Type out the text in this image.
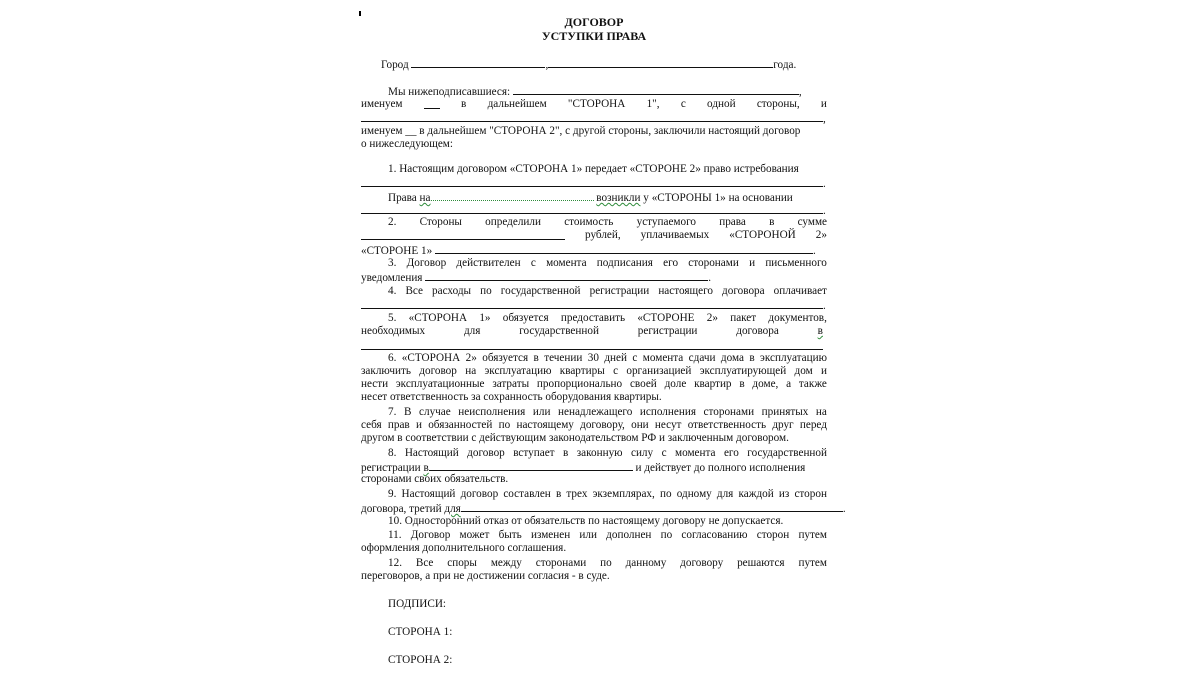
ДОГОВОР
УСТУПКИ ПРАВА
Город	,	года.
Мы нижеподписавшиеся:	,
именуем	в дальнейшем "СТОРОНА 1", с одной стороны, и
,
именуем __ в дальнейшем "СТОРОНА 2", с другой стороны, заключили настоящий договор
о нижеследующем:
1. Настоящим договором «СТОРОНА 1» передает «СТОРОНЕ 2» право истребования
.
Права на	возникли у «СТОРОНЫ 1» на основании
.
2. Стороны определили стоимость уступаемого права в сумме
рублей, уплачиваемых «СТОРОНОЙ 2»
«СТОРОНЕ 1»	.
3. Договор действителен с момента подписания его сторонами и письменного
уведомления	.
4. Все расходы по государственной регистрации настоящего договора оплачивает
.
5. «СТОРОНА 1» обязуется предоставить «СТОРОНЕ 2» пакет документов,
необходимых	для	государственной	регистрации	договора	в
6. «СТОРОНА 2» обязуется в течении 30 дней с момента сдачи дома в эксплуатацию
заключить договор на эксплуатацию квартиры с организацией эксплуатирующей дом и
нести эксплуатационные затраты пропорционально своей доле квартир в доме, а также
несет ответственность за сохранность оборудования квартиры.
7. В случае неисполнения или ненадлежащего исполнения сторонами принятых на
себя прав и обязанностей по настоящему договору, они несут ответственность друг перед
другом в соответствии с действующим законодательством РФ и заключенным договором.
8. Настоящий договор вступает в законную силу с момента его государственной
регистрации в	и действует до полного исполнения
сторонами своих обязательств.
9. Настоящий договор составлен в трех экземплярах, по одному для каждой из сторон
договора, третий для	.
10. Односторонний отказ от обязательств по настоящему договору не допускается.
11. Договор может быть изменен или дополнен по согласованию сторон путем
оформления дополнительного соглашения.
12. Все споры между сторонами по данному договору решаются путем
переговоров, а при не достижении согласия - в суде.
ПОДПИСИ:
СТОРОНА 1:
СТОРОНА 2:
